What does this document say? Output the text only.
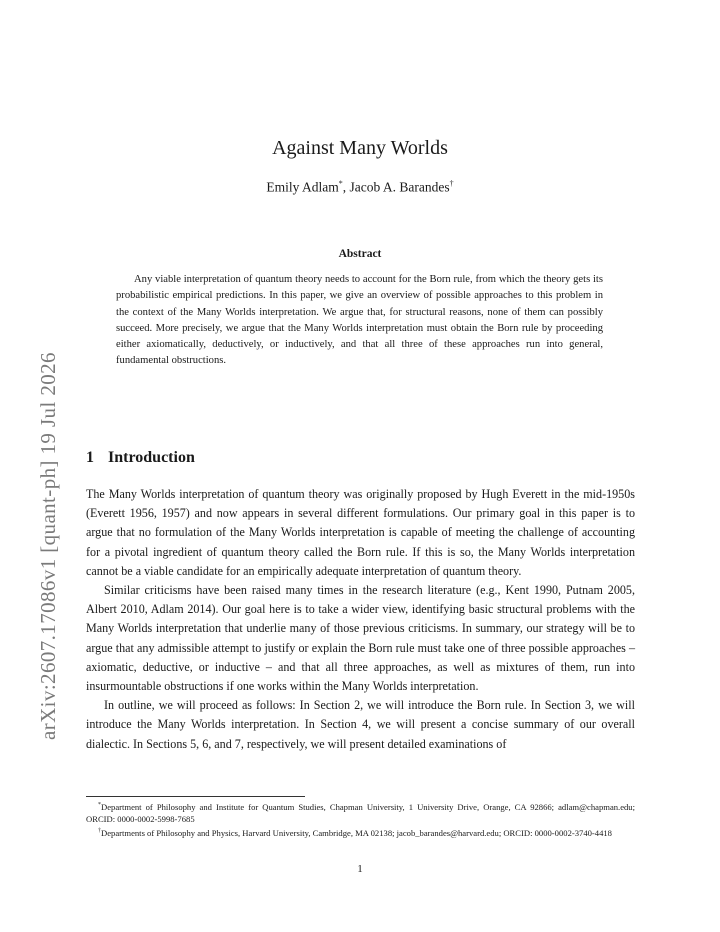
arXiv:2607.17086v1 [quant-ph] 19 Jul 2026
Against Many Worlds
Emily Adlam*, Jacob A. Barandes†
Abstract
Any viable interpretation of quantum theory needs to account for the Born rule, from which the theory gets its probabilistic empirical predictions. In this paper, we give an overview of possible approaches to this problem in the context of the Many Worlds interpretation. We argue that, for structural reasons, none of them can possibly succeed. More precisely, we argue that the Many Worlds interpretation must obtain the Born rule by proceeding either axiomatically, deductively, or inductively, and that all three of these approaches run into general, fundamental obstructions.
1 Introduction

The Many Worlds interpretation of quantum theory was originally proposed by Hugh Everett in the mid-1950s (Everett 1956, 1957) and now appears in several different formulations. Our primary goal in this paper is to argue that no formulation of the Many Worlds interpretation is capable of meeting the challenge of accounting for a pivotal ingredient of quantum theory called the Born rule. If this is so, the Many Worlds interpretation cannot be a viable candidate for an empirically adequate interpretation of quantum theory.

Similar criticisms have been raised many times in the research literature (e.g., Kent 1990, Putnam 2005, Albert 2010, Adlam 2014). Our goal here is to take a wider view, identifying basic structural problems with the Many Worlds interpretation that underlie many of those previous criticisms. In summary, our strategy will be to argue that any admissible attempt to justify or explain the Born rule must take one of three possible approaches – axiomatic, deductive, or inductive – and that all three approaches, as well as mixtures of them, run into insurmountable obstructions if one works within the Many Worlds interpretation.

In outline, we will proceed as follows: In Section 2, we will introduce the Born rule. In Section 3, we will introduce the Many Worlds interpretation. In Section 4, we will present a concise summary of our overall dialectic. In Sections 5, 6, and 7, respectively, we will present detailed examinations of

*Department of Philosophy and Institute for Quantum Studies, Chapman University, 1 University Drive, Orange, CA 92866; adlam@chapman.edu; ORCID: 0000-0002-5998-7685

†Departments of Philosophy and Physics, Harvard University, Cambridge, MA 02138; jacob_barandes@harvard.edu; ORCID: 0000-0002-3740-4418

1
